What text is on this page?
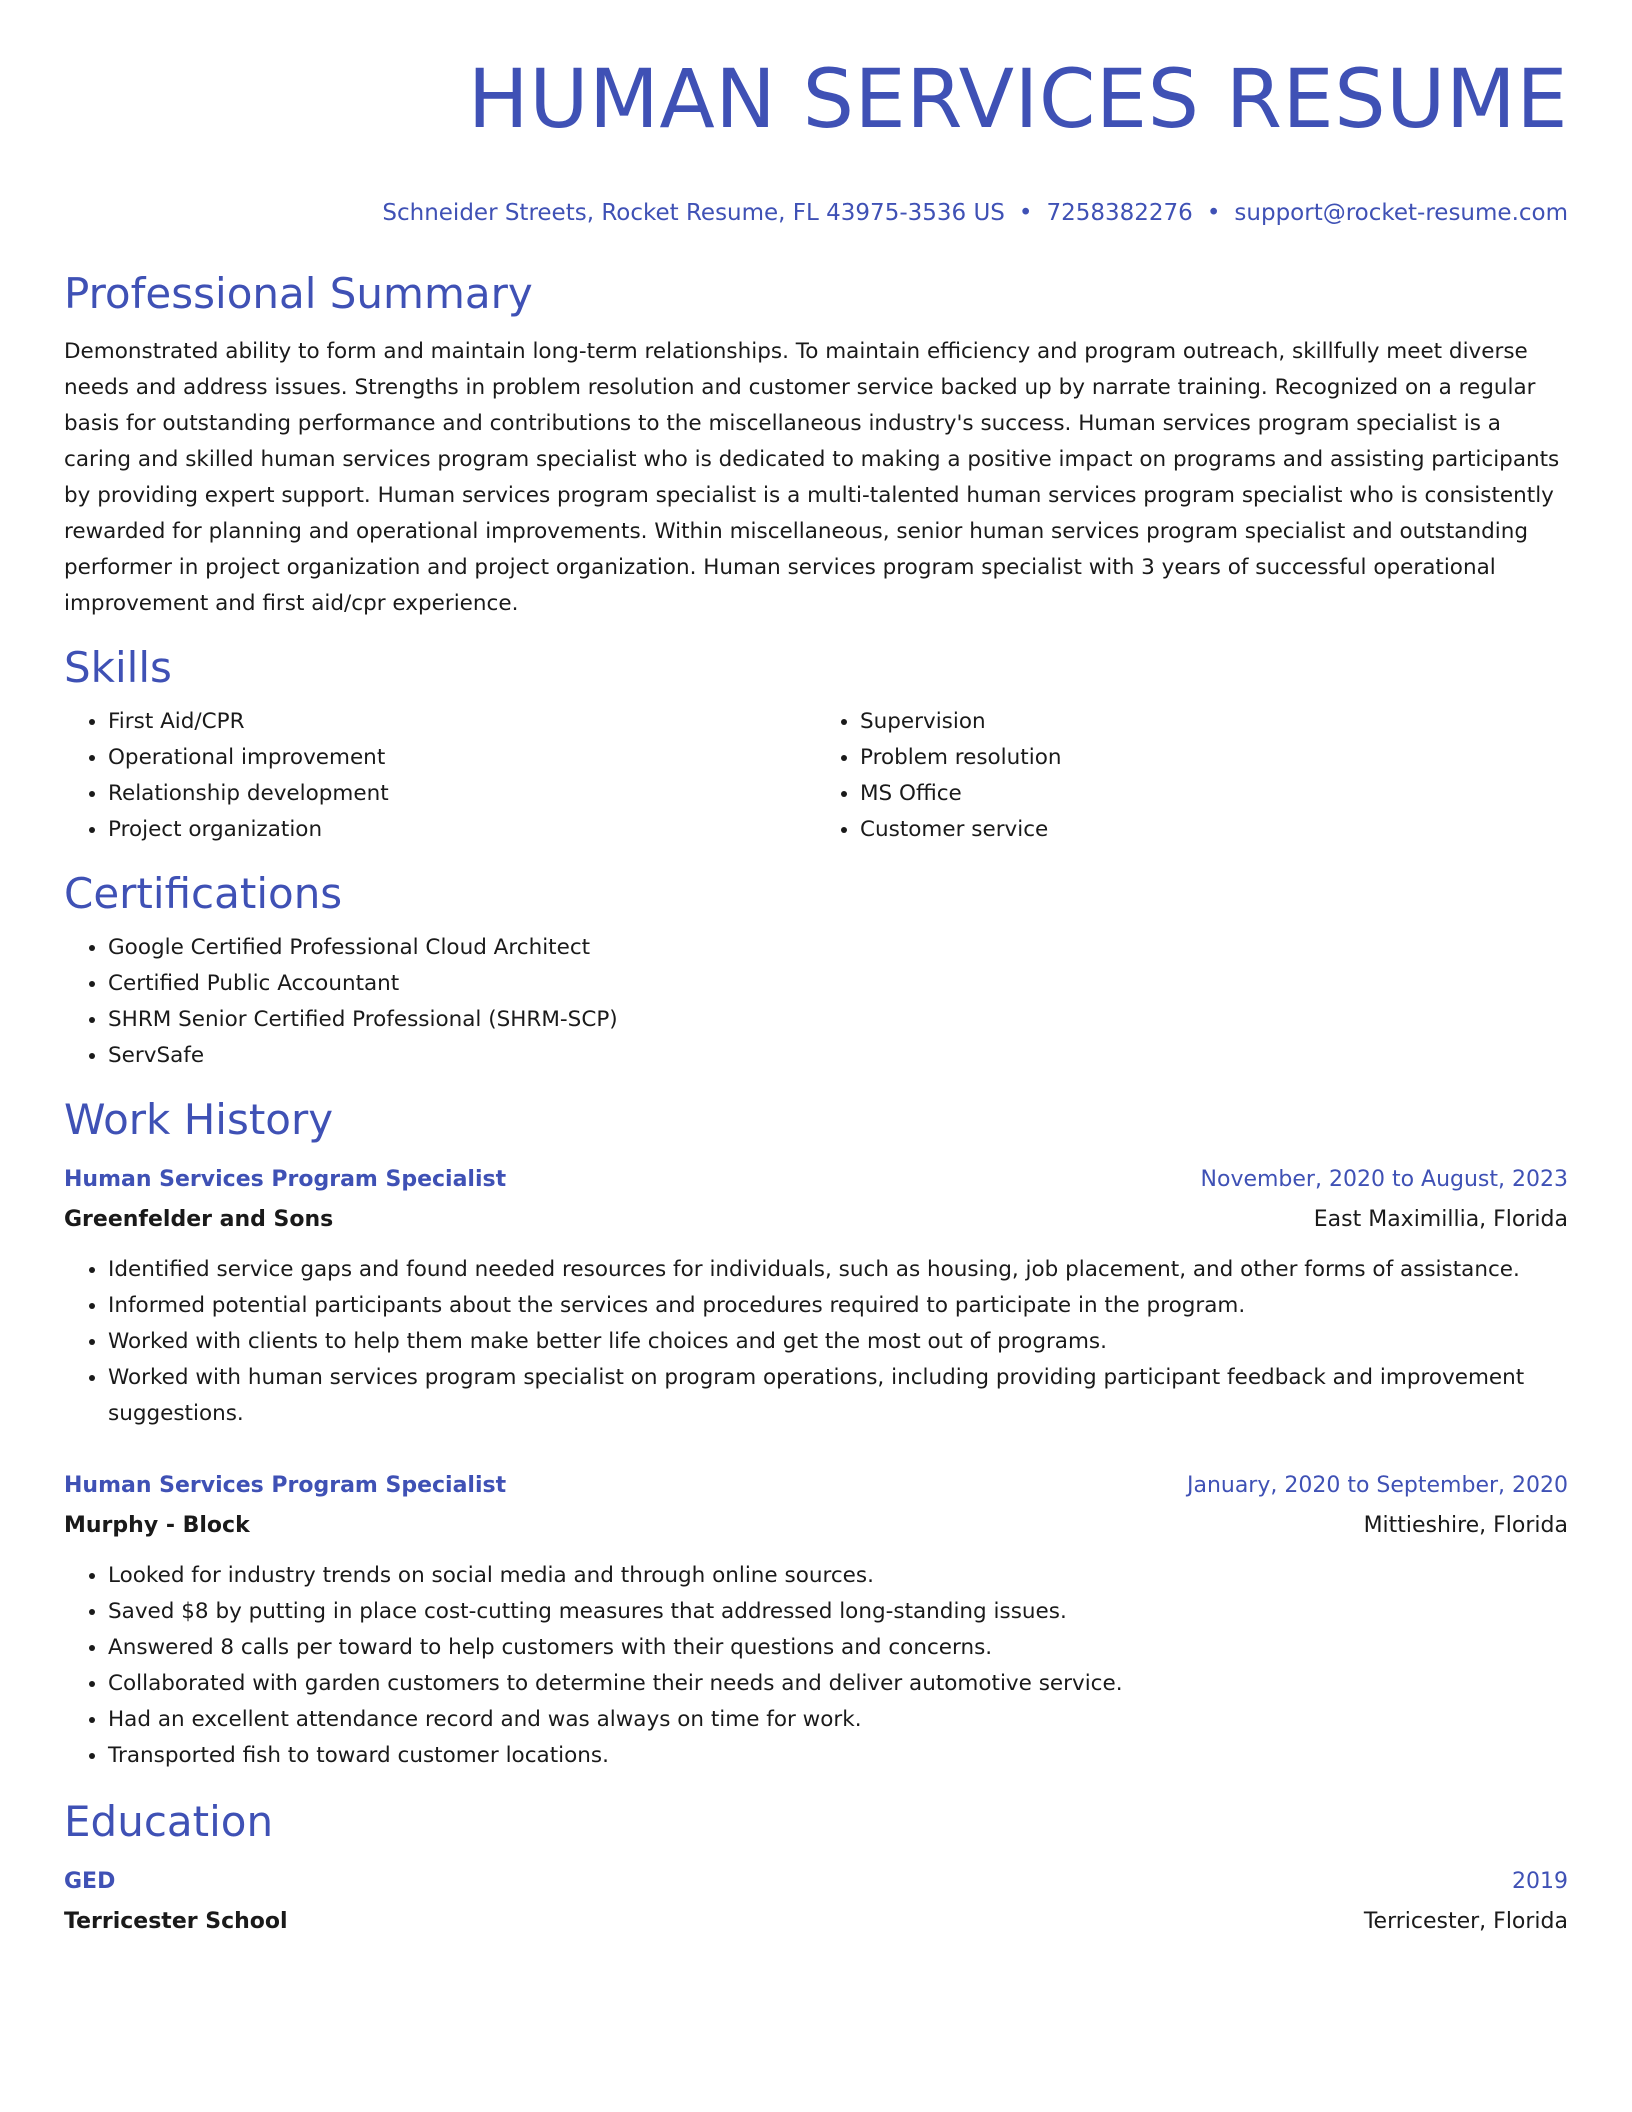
HUMAN SERVICES RESUME
Schneider Streets, Rocket Resume, FL 43975-3536 US • 7258382276 • support@rocket-resume.com
Professional Summary
Demonstrated ability to form and maintain long-term relationships. To maintain efficiency and program outreach, skillfully meet diverse needs and address issues. Strengths in problem resolution and customer service backed up by narrate training. Recognized on a regular basis for outstanding performance and contributions to the miscellaneous industry's success. Human services program specialist is a caring and skilled human services program specialist who is dedicated to making a positive impact on programs and assisting participants by providing expert support. Human services program specialist is a multi-talented human services program specialist who is consistently rewarded for planning and operational improvements. Within miscellaneous, senior human services program specialist and outstanding performer in project organization and project organization. Human services program specialist with 3 years of successful operational improvement and first aid/cpr experience.
Skills
• First Aid/CPR
• Operational improvement
• Relationship development
• Project organization
• Supervision
• Problem resolution
• MS Office
• Customer service
Certifications
• Google Certified Professional Cloud Architect
• Certified Public Accountant
• SHRM Senior Certified Professional (SHRM-SCP)
• ServSafe
Work History
Human Services Program Specialist	November, 2020 to August, 2023
Greenfelder and Sons	East Maximillia, Florida
• Identified service gaps and found needed resources for individuals, such as housing, job placement, and other forms of assistance.
• Informed potential participants about the services and procedures required to participate in the program.
• Worked with clients to help them make better life choices and get the most out of programs.
• Worked with human services program specialist on program operations, including providing participant feedback and improvement suggestions.
Human Services Program Specialist	January, 2020 to September, 2020
Murphy - Block	Mittieshire, Florida
• Looked for industry trends on social media and through online sources.
• Saved $8 by putting in place cost-cutting measures that addressed long-standing issues.
• Answered 8 calls per toward to help customers with their questions and concerns.
• Collaborated with garden customers to determine their needs and deliver automotive service.
• Had an excellent attendance record and was always on time for work.
• Transported fish to toward customer locations.
Education
GED	2019
Terricester School	Terricester, Florida
